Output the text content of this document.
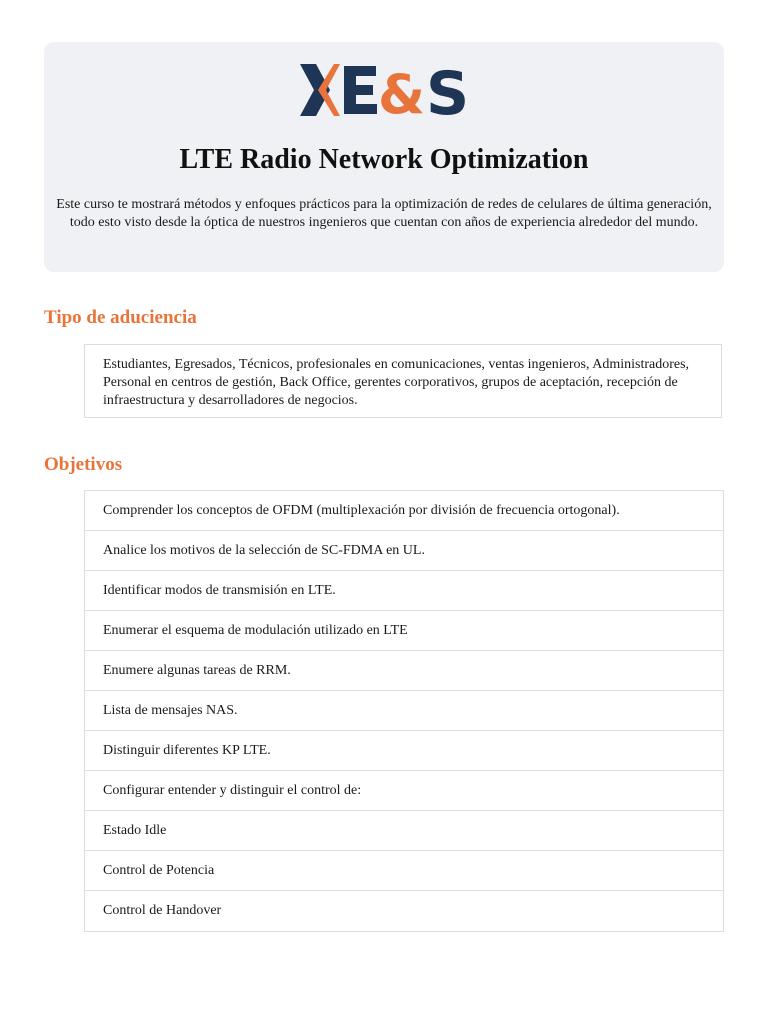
& S
LTE Radio Network Optimization
Este curso te mostrará métodos y enfoques prácticos para la optimización de redes de celulares de última generación, todo esto visto desde la óptica de nuestros ingenieros que cuentan con años de experiencia alrededor del mundo.
Tipo de aduciencia
Estudiantes, Egresados, Técnicos, profesionales en comunicaciones, ventas ingenieros, Administradores, Personal en centros de gestión, Back Office, gerentes corporativos, grupos de aceptación, recepción de infraestructura y desarrolladores de negocios.
Objetivos
Comprender los conceptos de OFDM (multiplexación por división de frecuencia ortogonal).
Analice los motivos de la selección de SC-FDMA en UL.
Identificar modos de transmisión en LTE.
Enumerar el esquema de modulación utilizado en LTE
Enumere algunas tareas de RRM.
Lista de mensajes NAS.
Distinguir diferentes KP LTE.
Configurar entender y distinguir el control de:
Estado Idle
Control de Potencia
Control de Handover
